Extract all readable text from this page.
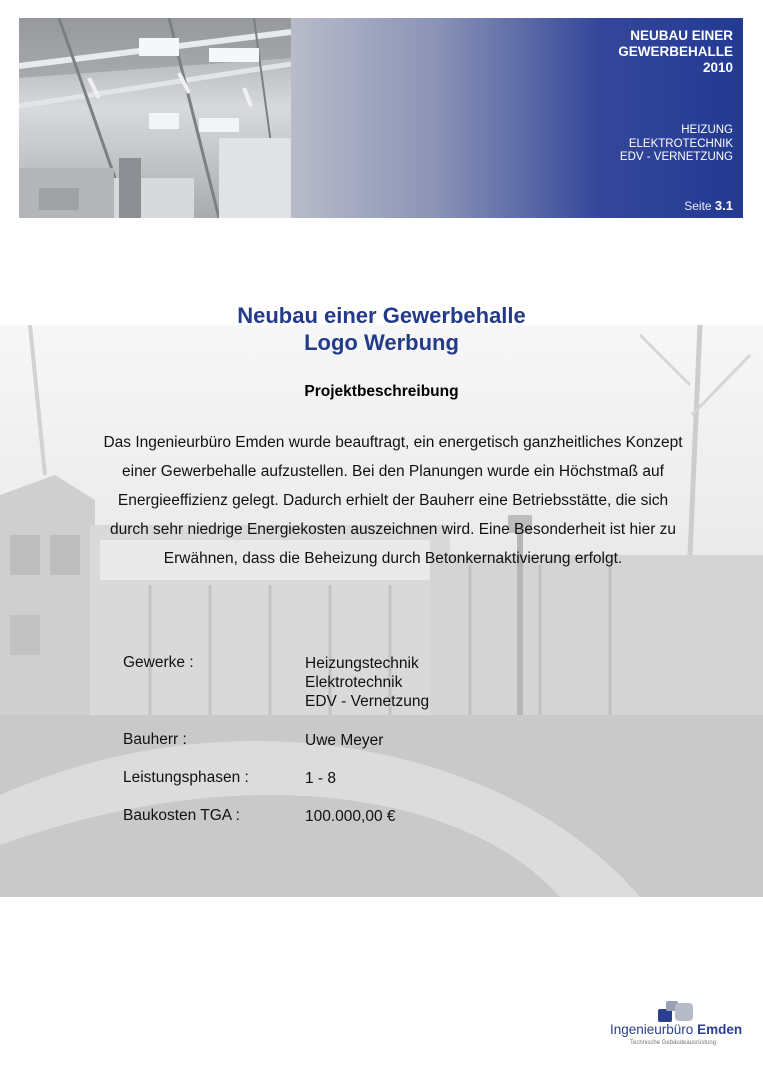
NEUBAU EINER
GEWERBEHALLE
2010
HEIZUNG
ELEKTROTECHNIK
EDV - VERNETZUNG
Seite 3.1
Neubau einer Gewerbehalle
Logo Werbung
Projektbeschreibung
Das Ingenieurbüro Emden wurde beauftragt, ein energetisch ganzheitliches Konzept einer Gewerbehalle aufzustellen. Bei den Planungen wurde ein Höchstmaß auf Energieeffizienz gelegt. Dadurch erhielt der Bauherr eine Betriebsstätte, die sich durch sehr niedrige Energiekosten auszeichnen wird. Eine Besonderheit ist hier zu Erwähnen, dass die Beheizung durch Betonkernaktivierung erfolgt.
Gewerke :	Heizungstechnik
Elektrotechnik
EDV - Vernetzung
Bauherr :	Uwe Meyer
Leistungsphasen :	1 - 8
Baukosten TGA :	100.000,00 €
Ingenieurbüro Emden
Technische Gebäudeausrüstung
